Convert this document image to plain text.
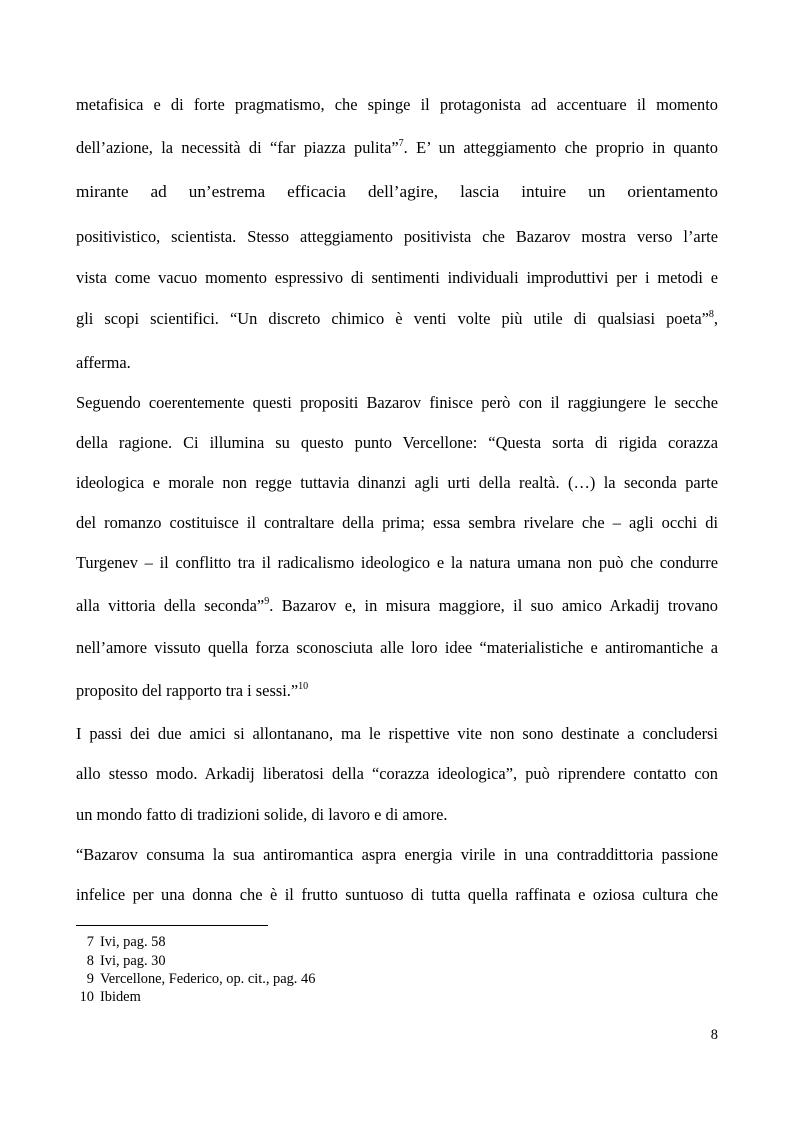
metafisica e di forte pragmatismo, che spinge il protagonista ad accentuare il momento
dell’azione, la necessità di “far piazza pulita”$^7$. E’ un atteggiamento che proprio in quanto
mirante ad un’estrema efficacia dell’agire, lascia intuire un orientamento
positivistico, scientista. Stesso atteggiamento positivista che Bazarov mostra verso l’arte
vista come vacuo momento espressivo di sentimenti individuali improduttivi per i metodi e
gli scopi scientifici. “Un discreto chimico è venti volte più utile di qualsiasi poeta”$^8$,
afferma.
Seguendo coerentemente questi propositi Bazarov finisce però con il raggiungere le secche
della ragione. Ci illumina su questo punto Vercellone: “Questa sorta di rigida corazza
ideologica e morale non regge tuttavia dinanzi agli urti della realtà. (…) la seconda parte
del romanzo costituisce il contraltare della prima; essa sembra rivelare che – agli occhi di
Turgenev – il conflitto tra il radicalismo ideologico e la natura umana non può che condurre
alla vittoria della seconda”$^9$. Bazarov e, in misura maggiore, il suo amico Arkadij trovano
nell’amore vissuto quella forza sconosciuta alle loro idee “materialistiche e antiromantiche a
proposito del rapporto tra i sessi.”$^{10}$
I passi dei due amici si allontanano, ma le rispettive vite non sono destinate a concludersi
allo stesso modo. Arkadij liberatosi della “corazza ideologica”, può riprendere contatto con
un mondo fatto di tradizioni solide, di lavoro e di amore.
“Bazarov consuma la sua antiromantica aspra energia virile in una contraddittoria passione
infelice per una donna che è il frutto suntuoso di tutta quella raffinata e oziosa cultura che
7 Ivi, pag. 58
8 Ivi, pag. 30
9 Vercellone, Federico, op. cit., pag. 46
10 Ibidem
8
